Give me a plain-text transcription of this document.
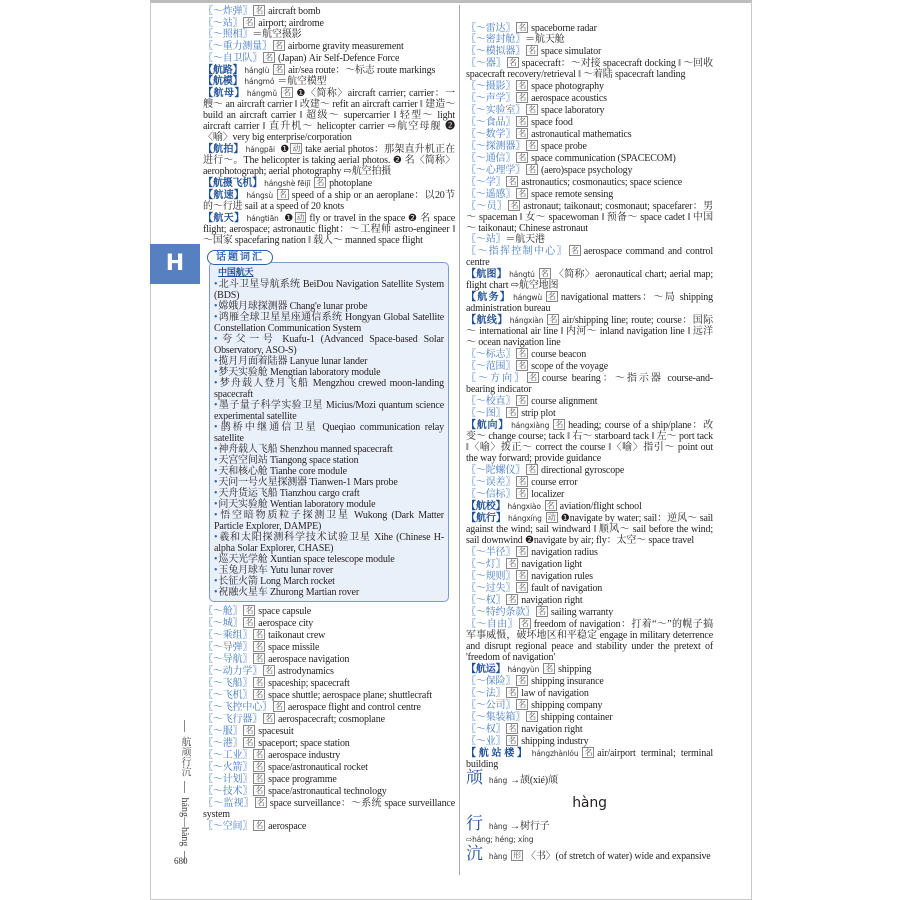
H
航颃行沆  háng—hàng
680
〖 ～炸弹 〗 名 aircraft bomb
〖 ～站 〗 名 airport; airdrome
〖 ～照相 〗 ＝航空摄影
〖 ～重力测量 〗 名 airborne gravity measurement
〖 ～自卫队 〗 名 (Japan) Air Self-Defence Force
【 航路 】 hánglù 名 air/sea route：～标志 route markings
【 航模 】 hángmó ＝航空模型
【 航母 】 hángmǔ 名 ❶〈简称〉aircraft carrier; carrier：一艘～ an aircraft carrier ‖ 改建～ refit an aircraft carrier ‖ 建造～ build an aircraft carrier ‖ 超级～ supercarrier ‖ 轻型～ light aircraft carrier ‖ 直升机～ helicopter carrier ⇨航空母舰 ❷〈喻〉very big enterprise/corporation
【 航拍 】 hángpāi ❶ 动 take aerial photos：那架直升机正在进行～。The helicopter is taking aerial photos. ❷ 名〈简称〉aerophotograph; aerial photography ⇨航空拍摄
【 航摄飞机 】 hángshè fēijī 名 photoplane
【 航速 】 hángsù 名 speed of a ship or an aeroplane：以20节的～行进 sail at a speed of 20 knots
【 航天 】 hángtiān ❶ 动 fly or travel in the space ❷ 名 space flight; aerospace; astronautic flight：～工程师 astro-engineer ‖ ～国家 spacefaring nation ‖ 载人～ manned space flight
话题词汇
中国航天
• 北斗卫星导航系统 BeiDou Navigation Satellite System (BDS)
• 嫦娥月球探测器 Chang'e lunar probe
• 鸿雁全球卫星星座通信系统 Hongyan Global Satellite Constellation Communication System
• 夸父一号 Kuafu-1 (Advanced Space-based Solar Observatory, ASO-S)
• 揽月月面着陆器 Lanyue lunar lander
• 梦天实验舱 Mengtian laboratory module
• 梦舟载人登月飞船 Mengzhou crewed moon-landing spacecraft
• 墨子量子科学实验卫星 Micius/Mozi quantum science experimental satellite
• 鹊桥中继通信卫星 Queqiao communication relay satellite
• 神舟载人飞船 Shenzhou manned spacecraft
• 天宫空间站 Tiangong space station
• 天和核心舱 Tianhe core module
• 天问一号火星探测器 Tianwen-1 Mars probe
• 天舟货运飞船 Tianzhou cargo craft
• 问天实验舱 Wentian laboratory module
• 悟空暗物质粒子探测卫星 Wukong (Dark Matter Particle Explorer, DAMPE)
• 羲和太阳探测科学技术试验卫星 Xihe (Chinese H-alpha Solar Explorer, CHASE)
• 巡天光学舱 Xuntian space telescope module
• 玉兔月球车 Yutu lunar rover
• 长征火箭 Long March rocket
• 祝融火星车 Zhurong Martian rover
〖 ～舱 〗 名 space capsule
〖 ～城 〗 名 aerospace city
〖 ～乘组 〗 名 taikonaut crew
〖 ～导弹 〗 名 space missile
〖 ～导航 〗 名 aerospace navigation
〖 ～动力学 〗 名 astrodynamics
〖 ～飞船 〗 名 spaceship; spacecraft
〖 ～飞机 〗 名 space shuttle; aerospace plane; shuttlecraft
〖 ～飞控中心 〗 名 aerospace flight and control centre
〖 ～飞行器 〗 名 aerospacecraft; cosmoplane
〖 ～服 〗 名 spacesuit
〖 ～港 〗 名 spaceport; space station
〖 ～工业 〗 名 aerospace industry
〖 ～火箭 〗 名 space/astronautical rocket
〖 ～计划 〗 名 space programme
〖 ～技术 〗 名 space/astronautical technology
〖 ～监视 〗 名 space surveillance：～系统 space surveillance system
〖 ～空间 〗 名 aerospace
〖 ～雷达 〗 名 spaceborne radar
〖 ～密封舱 〗 ＝航天舱
〖 ～模拟器 〗 名 space simulator
〖 ～器 〗 名 spacecraft：～对接 spacecraft docking ‖ ～回收 spacecraft recovery/retrieval ‖ ～着陆 spacecraft landing
〖 ～摄影 〗 名 space photography
〖 ～声学 〗 名 aerospace acoustics
〖 ～实验室 〗 名 space laboratory
〖 ～食品 〗 名 space food
〖 ～数学 〗 名 astronautical mathematics
〖 ～探测器 〗 名 space probe
〖 ～通信 〗 名 space communication (SPACECOM)
〖 ～心理学 〗 名 (aero)space psychology
〖 ～学 〗 名 astronautics; cosmonautics; space science
〖 ～遥感 〗 名 space remote sensing
〖 ～员 〗 名 astronaut; taikonaut; cosmonaut; spacefarer：男～ spaceman ‖ 女～ spacewoman ‖ 预备～ space cadet ‖ 中国～ taikonaut; Chinese astronaut
〖 ～站 〗 ＝航天港
〖 ～指挥控制中心 〗 名 aerospace command and control centre
【 航图 】 hángtú 名 〈简称〉aeronautical chart; aerial map; flight chart ⇨航空地图
【 航务 】 hángwù 名 navigational matters：～局 shipping administration bureau
【 航线 】 hángxiàn 名 air/shipping line; route; course：国际～ international air line ‖ 内河～ inland navigation line ‖ 远洋～ ocean navigation line
〖 ～标志 〗 名 course beacon
〖 ～范围 〗 名 scope of the voyage
〖 ～方向 〗 名 course bearing：～指示器 course-and-bearing indicator
〖 ～校直 〗 名 course alignment
〖 ～图 〗 名 strip plot
【 航向 】 hángxiàng 名 heading; course of a ship/plane：改变～ change course; tack ‖ 右～ starboard tack ‖ 左～ port tack ‖〈喻〉拨正～ correct the course ‖〈喻〉指引～ point out the way forward; provide guidance
〖 ～陀螺仪 〗 名 directional gyroscope
〖 ～误差 〗 名 course error
〖 ～信标 〗 名 localizer
【 航校 】 hángxiào 名 aviation/flight school
【 航行 】 hángxíng 动 ❶navigate by water; sail：逆风～ sail against the wind; sail windward ‖ 顺风～ sail before the wind; sail downwind ❷navigate by air; fly：太空～ space travel
〖 ～半径 〗 名 navigation radius
〖 ～灯 〗 名 navigation light
〖 ～规则 〗 名 navigation rules
〖 ～过失 〗 名 fault of navigation
〖 ～权 〗 名 navigation right
〖 ～特约条款 〗 名 sailing warranty
〖 ～自由 〗 名 freedom of navigation：打着“～”的幌子搞军事威慑，破坏地区和平稳定 engage in military deterrence and disrupt regional peace and stability under the pretext of 'freedom of navigation'
【 航运 】 hángyùn 名 shipping
〖 ～保险 〗 名 shipping insurance
〖 ～法 〗 名 law of navigation
〖 ～公司 〗 名 shipping company
〖 ～集装箱 〗 名 shipping container
〖 ～权 〗 名 navigation right
〖 ～业 〗 名 shipping industry
【 航站楼 】 hángzhànlóu 名 air/airport terminal; terminal building
颃háng →颉(xié)颃
hàng
行hàng →树行子
⇨háng; héng; xíng
沆hàng 形 〈书〉(of stretch of water) wide and expansive
